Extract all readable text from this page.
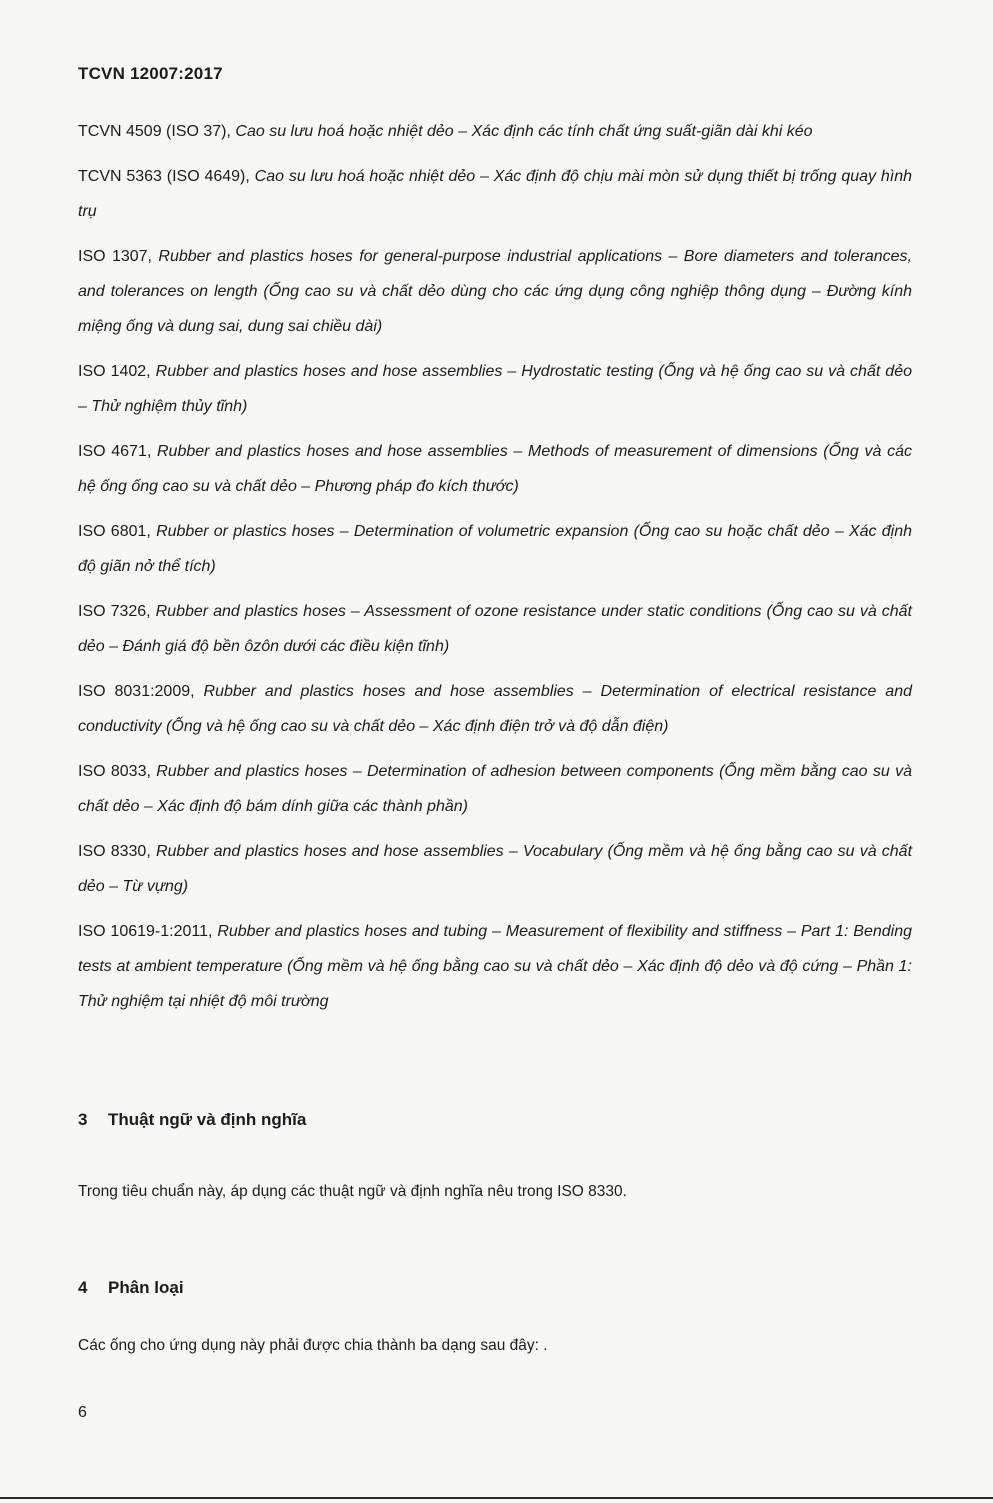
TCVN 12007:2017

TCVN 4509 (ISO 37), Cao su lưu hoá hoặc nhiệt dẻo – Xác định các tính chất ứng suất-giãn dài khi kéo

TCVN 5363 (ISO 4649), Cao su lưu hoá hoặc nhiệt dẻo – Xác định độ chịu mài mòn sử dụng thiết bị trống quay hình trụ

ISO 1307, Rubber and plastics hoses for general-purpose industrial applications – Bore diameters and tolerances, and tolerances on length (Ống cao su và chất dẻo dùng cho các ứng dụng công nghiệp thông dụng – Đường kính miệng ống và dung sai, dung sai chiều dài)

ISO 1402, Rubber and plastics hoses and hose assemblies – Hydrostatic testing (Ống và hệ ống cao su và chất dẻo – Thử nghiệm thủy tĩnh)

ISO 4671, Rubber and plastics hoses and hose assemblies – Methods of measurement of dimensions (Ống và các hệ ống ống cao su và chất dẻo – Phương pháp đo kích thước)

ISO 6801, Rubber or plastics hoses – Determination of volumetric expansion (Ống cao su hoặc chất dẻo – Xác định độ giãn nở thể tích)

ISO 7326, Rubber and plastics hoses – Assessment of ozone resistance under static conditions (Ống cao su và chất dẻo – Đánh giá độ bền ôzôn dưới các điều kiện tĩnh)

ISO 8031:2009, Rubber and plastics hoses and hose assemblies – Determination of electrical resistance and conductivity (Ống và hệ ống cao su và chất dẻo – Xác định điện trở và độ dẫn điện)

ISO 8033, Rubber and plastics hoses – Determination of adhesion between components (Ống mềm bằng cao su và chất dẻo – Xác định độ bám dính giữa các thành phần)

ISO 8330, Rubber and plastics hoses and hose assemblies – Vocabulary (Ống mềm và hệ ống bằng cao su và chất dẻo – Từ vựng)

ISO 10619-1:2011, Rubber and plastics hoses and tubing – Measurement of flexibility and stiffness – Part 1: Bending tests at ambient temperature (Ống mềm và hệ ống bằng cao su và chất dẻo – Xác định độ dẻo và độ cứng – Phần 1: Thử nghiệm tại nhiệt độ môi trường

3 Thuật ngữ và định nghĩa
Trong tiêu chuẩn này, áp dụng các thuật ngữ và định nghĩa nêu trong ISO 8330.
4 Phân loại
Các ống cho ứng dụng này phải được chia thành ba dạng sau đây: .
6
